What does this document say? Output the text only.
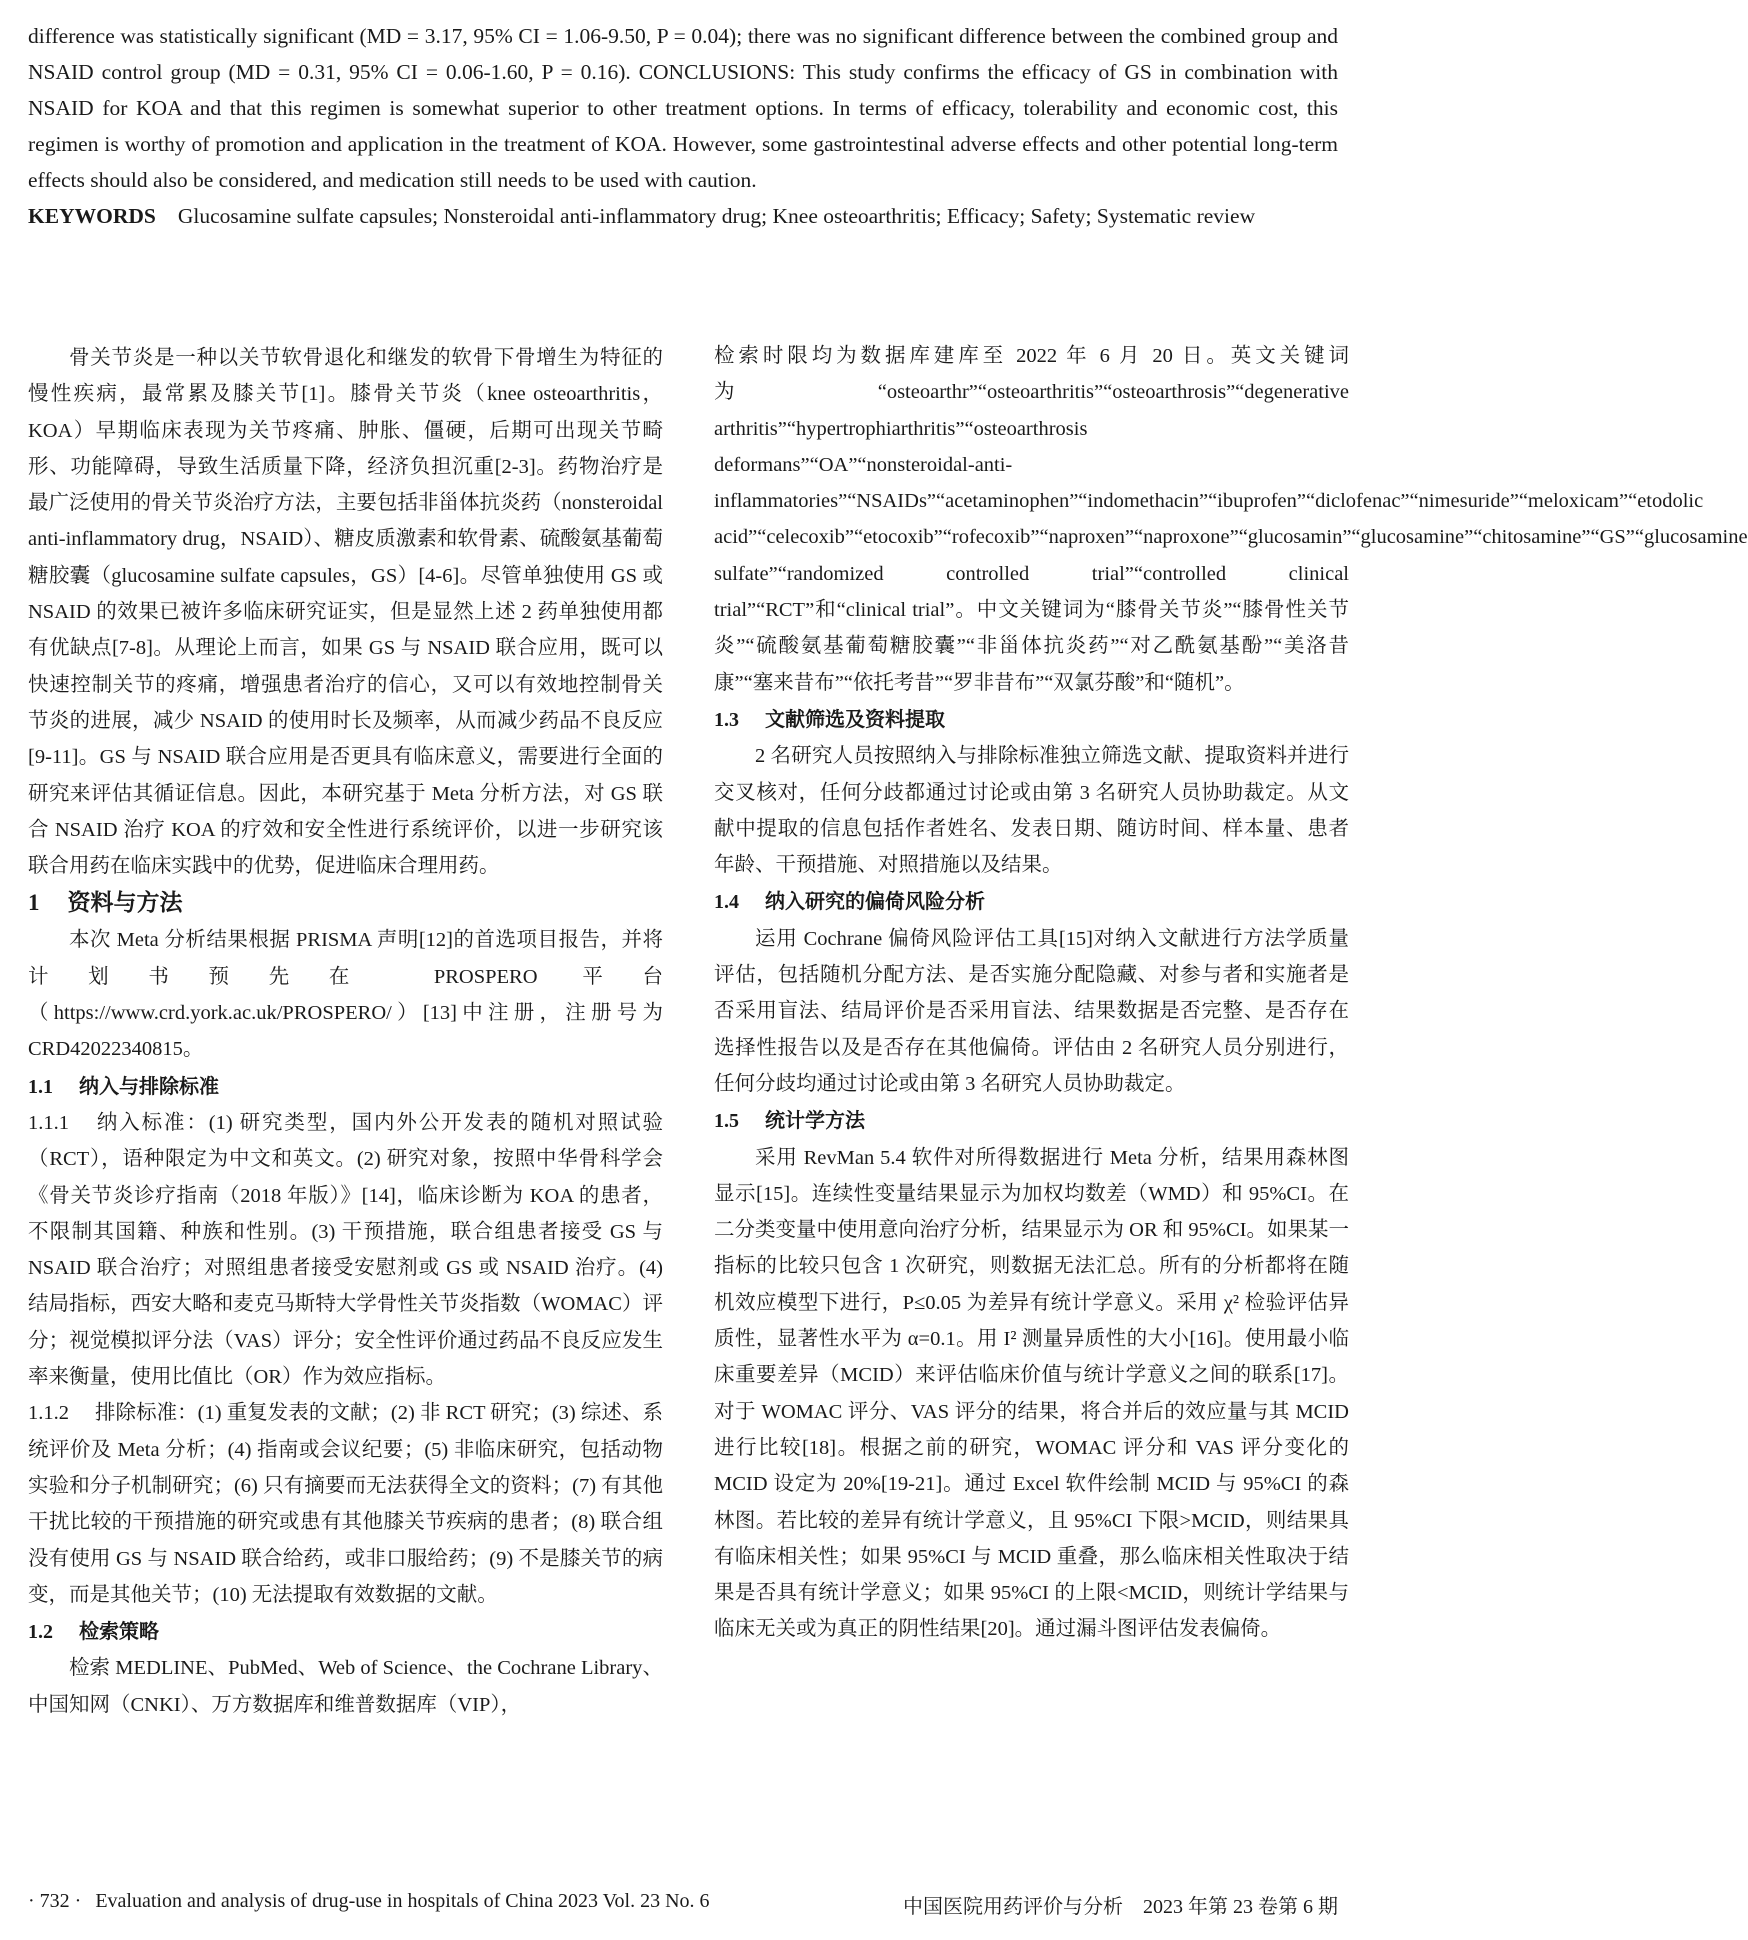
difference was statistically significant (MD = 3.17, 95% CI = 1.06-9.50, P = 0.04); there was no significant difference between the combined group and NSAID control group (MD = 0.31, 95% CI = 0.06-1.60, P = 0.16). CONCLUSIONS: This study confirms the efficacy of GS in combination with NSAID for KOA and that this regimen is somewhat superior to other treatment options. In terms of efficacy, tolerability and economic cost, this regimen is worthy of promotion and application in the treatment of KOA. However, some gastrointestinal adverse effects and other potential long-term effects should also be considered, and medication still needs to be used with caution.

KEYWORDS Glucosamine sulfate capsules; Nonsteroidal anti-inflammatory drug; Knee osteoarthritis; Efficacy; Safety; Systematic review

骨关节炎是一种以关节软骨退化和继发的软骨下骨增生为特征的慢性疾病，最常累及膝关节[1]。膝骨关节炎（knee osteoarthritis，KOA）早期临床表现为关节疼痛、肿胀、僵硬，后期可出现关节畸形、功能障碍，导致生活质量下降，经济负担沉重[2-3]。药物治疗是最广泛使用的骨关节炎治疗方法，主要包括非甾体抗炎药（nonsteroidal anti-inflammatory drug，NSAID）、糖皮质激素和软骨素、硫酸氨基葡萄糖胶囊（glucosamine sulfate capsules，GS）[4-6]。尽管单独使用 GS 或 NSAID 的效果已被许多临床研究证实，但是显然上述 2 药单独使用都有优缺点[7-8]。从理论上而言，如果 GS 与 NSAID 联合应用，既可以快速控制关节的疼痛，增强患者治疗的信心，又可以有效地控制骨关节炎的进展，减少 NSAID 的使用时长及频率，从而减少药品不良反应[9-11]。GS 与 NSAID 联合应用是否更具有临床意义，需要进行全面的研究来评估其循证信息。因此，本研究基于 Meta 分析方法，对 GS 联合 NSAID 治疗 KOA 的疗效和安全性进行系统评价，以进一步研究该联合用药在临床实践中的优势，促进临床合理用药。

1 资料与方法

本次 Meta 分析结果根据 PRISMA 声明[12]的首选项目报告，并将计划书预先在 PROSPERO 平台（https://www.crd.york.ac.uk/PROSPERO/）[13]中注册，注册号为 CRD42022340815。

1.1 纳入与排除标准

1.1.1 纳入标准：(1) 研究类型，国内外公开发表的随机对照试验（RCT），语种限定为中文和英文。(2) 研究对象，按照中华骨科学会《骨关节炎诊疗指南（2018 年版）》[14]，临床诊断为 KOA 的患者，不限制其国籍、种族和性别。(3) 干预措施，联合组患者接受 GS 与 NSAID 联合治疗；对照组患者接受安慰剂或 GS 或 NSAID 治疗。(4) 结局指标，西安大略和麦克马斯特大学骨性关节炎指数（WOMAC）评分；视觉模拟评分法（VAS）评分；安全性评价通过药品不良反应发生率来衡量，使用比值比（OR）作为效应指标。

1.1.2 排除标准：(1) 重复发表的文献；(2) 非 RCT 研究；(3) 综述、系统评价及 Meta 分析；(4) 指南或会议纪要；(5) 非临床研究，包括动物实验和分子机制研究；(6) 只有摘要而无法获得全文的资料；(7) 有其他干扰比较的干预措施的研究或患有其他膝关节疾病的患者；(8) 联合组没有使用 GS 与 NSAID 联合给药，或非口服给药；(9) 不是膝关节的病变，而是其他关节；(10) 无法提取有效数据的文献。

1.2 检索策略

检索 MEDLINE、PubMed、Web of Science、the Cochrane Library、中国知网（CNKI）、万方数据库和维普数据库（VIP），

检索时限均为数据库建库至 2022 年 6 月 20 日。英文关键词为“osteoarthr”“osteoarthritis”“osteoarthrosis”“degenerative arthritis”“hypertrophiarthritis”“osteoarthrosis deformans”“OA”“nonsteroidal-anti-inflammatories”“NSAIDs”“acetaminophen”“indomethacin”“ibuprofen”“diclofenac”“nimesuride”“meloxicam”“etodolic acid”“celecoxib”“etocoxib”“rofecoxib”“naproxen”“naproxone”“glucosamin”“glucosamine”“chitosamine”“GS”“glucosamine sulfate”“randomized controlled trial”“controlled clinical trial”“RCT”和“clinical trial”。中文关键词为“膝骨关节炎”“膝骨性关节炎”“硫酸氨基葡萄糖胶囊”“非甾体抗炎药”“对乙酰氨基酚”“美洛昔康”“塞来昔布”“依托考昔”“罗非昔布”“双氯芬酸”和“随机”。

1.3 文献筛选及资料提取

2 名研究人员按照纳入与排除标准独立筛选文献、提取资料并进行交叉核对，任何分歧都通过讨论或由第 3 名研究人员协助裁定。从文献中提取的信息包括作者姓名、发表日期、随访时间、样本量、患者年龄、干预措施、对照措施以及结果。

1.4 纳入研究的偏倚风险分析

运用 Cochrane 偏倚风险评估工具[15]对纳入文献进行方法学质量评估，包括随机分配方法、是否实施分配隐藏、对参与者和实施者是否采用盲法、结局评价是否采用盲法、结果数据是否完整、是否存在选择性报告以及是否存在其他偏倚。评估由 2 名研究人员分别进行，任何分歧均通过讨论或由第 3 名研究人员协助裁定。

1.5 统计学方法

采用 RevMan 5.4 软件对所得数据进行 Meta 分析，结果用森林图显示[15]。连续性变量结果显示为加权均数差（WMD）和 95%CI。在二分类变量中使用意向治疗分析，结果显示为 OR 和 95%CI。如果某一指标的比较只包含 1 次研究，则数据无法汇总。所有的分析都将在随机效应模型下进行，P≤0.05 为差异有统计学意义。采用 χ² 检验评估异质性，显著性水平为 α=0.1。用 I² 测量异质性的大小[16]。使用最小临床重要差异（MCID）来评估临床价值与统计学意义之间的联系[17]。对于 WOMAC 评分、VAS 评分的结果，将合并后的效应量与其 MCID 进行比较[18]。根据之前的研究，WOMAC 评分和 VAS 评分变化的 MCID 设定为 20%[19-21]。通过 Excel 软件绘制 MCID 与 95%CI 的森林图。若比较的差异有统计学意义，且 95%CI 下限>MCID，则结果具有临床相关性；如果 95%CI 与 MCID 重叠，那么临床相关性取决于结果是否具有统计学意义；如果 95%CI 的上限<MCID，则统计学结果与临床无关或为真正的阴性结果[20]。通过漏斗图评估发表偏倚。

· 732 · Evaluation and analysis of drug-use in hospitals of China 2023 Vol. 23 No. 6	中国医院用药评价与分析　2023 年第 23 卷第 6 期
